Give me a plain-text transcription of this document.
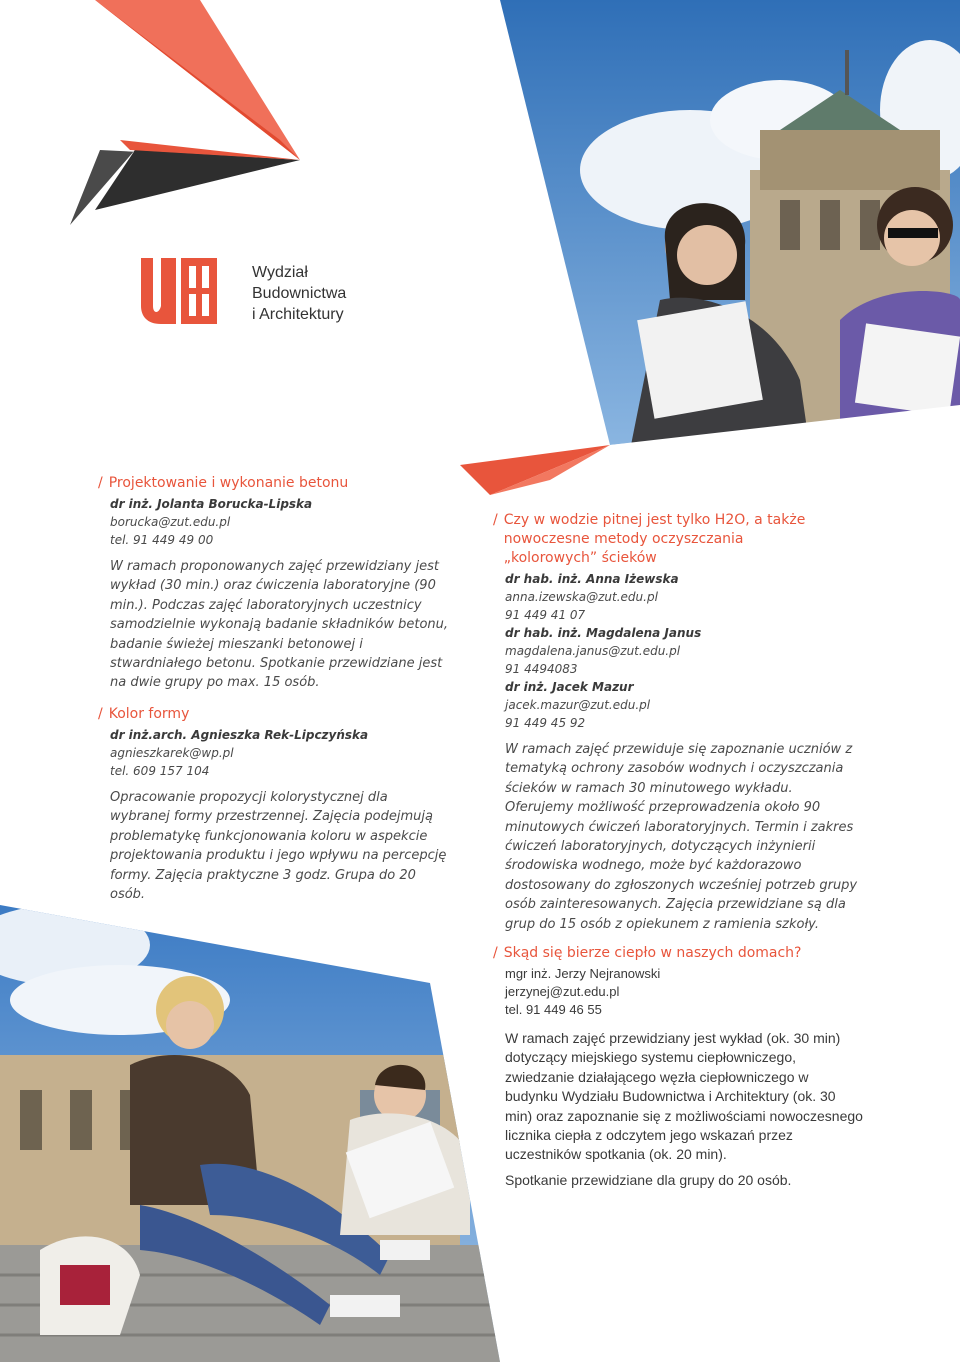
Wydział
Budownictwa
i Architektury
/ Projektowanie i wykonanie betonu
dr inż. Jolanta Borucka-Lipska
borucka@zut.edu.pl
tel. 91 449 49 00

W ramach proponowanych zajęć przewidziany jest wykład (30 min.) oraz ćwiczenia laboratoryjne (90 min.). Podczas zajęć laboratoryjnych uczestnicy samodzielnie wykonają badanie składników betonu, badanie świeżej mieszanki betonowej i stwardniałego betonu. Spotkanie przewidziane jest na dwie grupy po max. 15 osób.

/ Kolor formy
dr inż.arch. Agnieszka Rek-Lipczyńska
agnieszkarek@wp.pl
tel. 609 157 104

Opracowanie propozycji kolorystycznej dla wybranej formy przestrzennej. Zajęcia podejmują problematykę funkcjonowania koloru w aspekcie projektowania produktu i jego wpływu na percepcję formy. Zajęcia praktyczne 3 godz. Grupa do 20 osób.

/ Czy w wodzie pitnej jest tylko H2O, a także nowoczesne metody oczyszczania „kolorowych” ścieków
dr hab. inż. Anna Iżewska
anna.izewska@zut.edu.pl
91 449 41 07
dr hab. inż. Magdalena Janus
magdalena.janus@zut.edu.pl
91 4494083
dr inż. Jacek Mazur
jacek.mazur@zut.edu.pl
91 449 45 92

W ramach zajęć przewiduje się zapoznanie uczniów z tematyką ochrony zasobów wodnych i oczyszczania ścieków w ramach 30 minutowego wykładu. Oferujemy możliwość przeprowadzenia około 90 minutowych ćwiczeń laboratoryjnych. Termin i zakres ćwiczeń laboratoryjnych, dotyczących inżynierii środowiska wodnego, może być każdorazowo dostosowany do zgłoszonych wcześniej potrzeb grupy osób zainteresowanych. Zajęcia przewidziane są dla grup do 15 osób z opiekunem z ramienia szkoły.

/ Skąd się bierze ciepło w naszych domach?
mgr inż. Jerzy Nejranowski
jerzynej@zut.edu.pl
tel. 91 449 46 55

W ramach zajęć przewidziany jest wykład (ok. 30 min) dotyczący miejskiego systemu ciepłowniczego, zwiedzanie działającego węzła ciepłowniczego w budynku Wydziału Budownictwa i Architektury (ok. 30 min) oraz zapoznanie się z możliwościami nowoczesnego licznika ciepła z odczytem jego wskazań przez uczestników spotkania (ok. 20 min).

Spotkanie przewidziane dla grupy do 20 osób.
